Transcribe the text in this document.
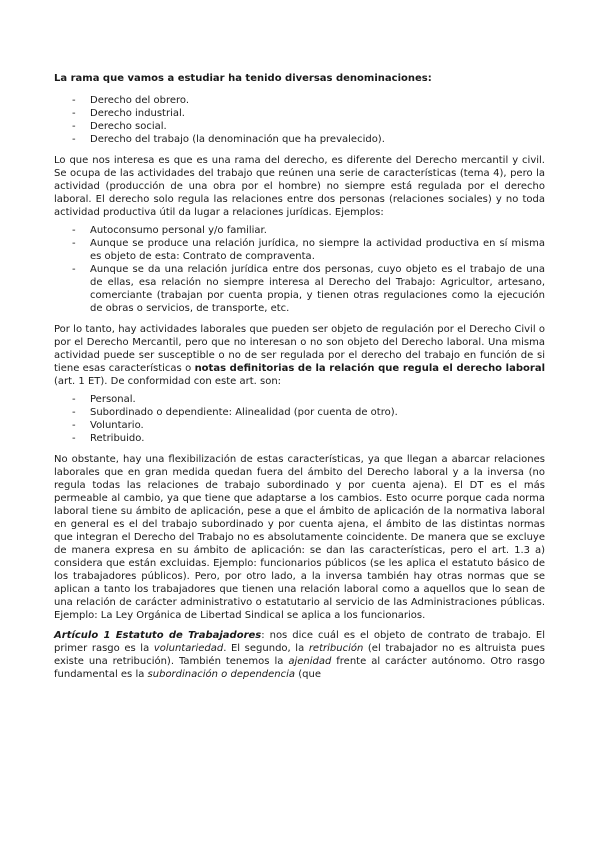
La rama que vamos a estudiar ha tenido diversas denominaciones:
- Derecho del obrero.
- Derecho industrial.
- Derecho social.
- Derecho del trabajo (la denominación que ha prevalecido).

Lo que nos interesa es que es una rama del derecho, es diferente del Derecho mercantil y civil. Se ocupa de las actividades del trabajo que reúnen una serie de características (tema 4), pero la actividad (producción de una obra por el hombre) no siempre está regulada por el derecho laboral. El derecho solo regula las relaciones entre dos personas (relaciones sociales) y no toda actividad productiva útil da lugar a relaciones jurídicas. Ejemplos:

- Autoconsumo personal y/o familiar.
- Aunque se produce una relación jurídica, no siempre la actividad productiva en sí misma es objeto de esta: Contrato de compraventa.
- Aunque se da una relación jurídica entre dos personas, cuyo objeto es el trabajo de una de ellas, esa relación no siempre interesa al Derecho del Trabajo: Agricultor, artesano, comerciante (trabajan por cuenta propia, y tienen otras regulaciones como la ejecución de obras o servicios, de transporte, etc.

Por lo tanto, hay actividades laborales que pueden ser objeto de regulación por el Derecho Civil o por el Derecho Mercantil, pero que no interesan o no son objeto del Derecho laboral. Una misma actividad puede ser susceptible o no de ser regulada por el derecho del trabajo en función de si tiene esas características o notas definitorias de la relación que regula el derecho laboral (art. 1 ET). De conformidad con este art. son:

- Personal.
- Subordinado o dependiente: Alinealidad (por cuenta de otro).
- Voluntario.
- Retribuido.

No obstante, hay una flexibilización de estas características, ya que llegan a abarcar relaciones laborales que en gran medida quedan fuera del ámbito del Derecho laboral y a la inversa (no regula todas las relaciones de trabajo subordinado y por cuenta ajena). El DT es el más permeable al cambio, ya que tiene que adaptarse a los cambios. Esto ocurre porque cada norma laboral tiene su ámbito de aplicación, pese a que el ámbito de aplicación de la normativa laboral en general es el del trabajo subordinado y por cuenta ajena, el ámbito de las distintas normas que integran el Derecho del Trabajo no es absolutamente coincidente. De manera que se excluye de manera expresa en su ámbito de aplicación: se dan las características, pero el art. 1.3 a) considera que están excluidas. Ejemplo: funcionarios públicos (se les aplica el estatuto básico de los trabajadores públicos). Pero, por otro lado, a la inversa también hay otras normas que se aplican a tanto los trabajadores que tienen una relación laboral como a aquellos que lo sean de una relación de carácter administrativo o estatutario al servicio de las Administraciones públicas. Ejemplo: La Ley Orgánica de Libertad Sindical se aplica a los funcionarios.

Artículo 1 Estatuto de Trabajadores: nos dice cuál es el objeto de contrato de trabajo. El primer rasgo es la voluntariedad. El segundo, la retribución (el trabajador no es altruista pues existe una retribución). También tenemos la ajenidad frente al carácter autónomo. Otro rasgo fundamental es la subordinación o dependencia (que
